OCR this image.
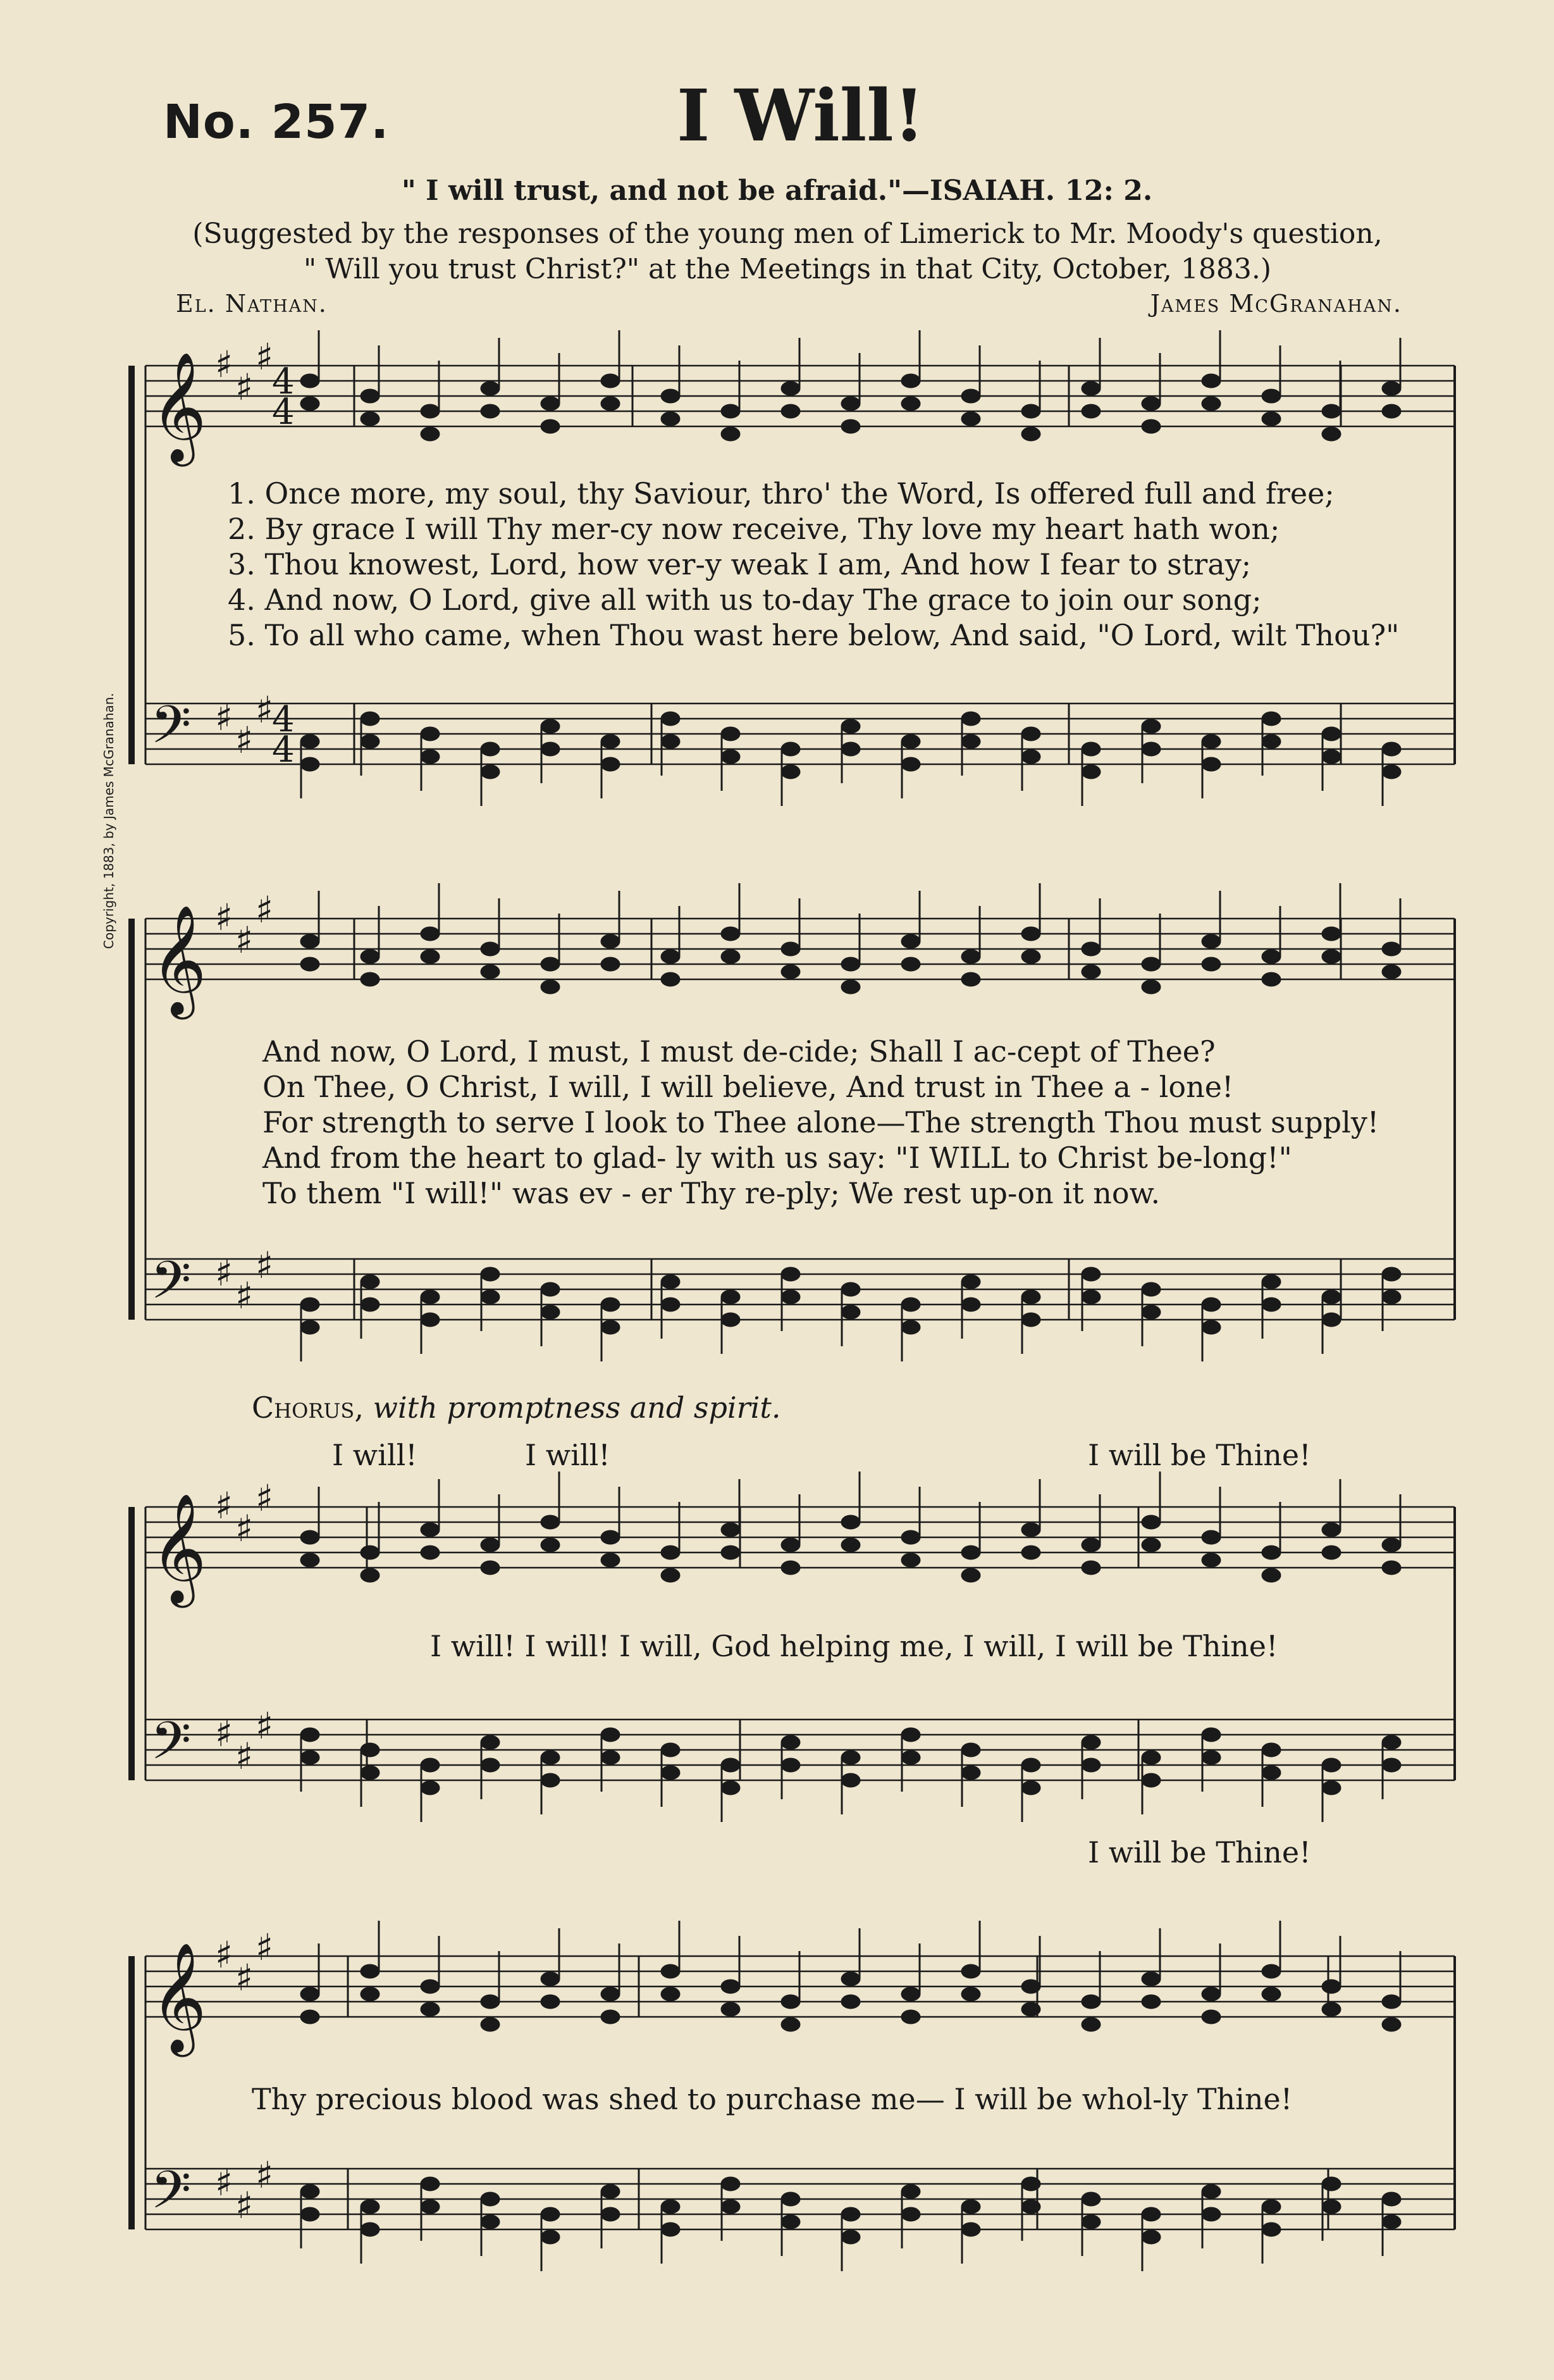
No. 257.	I Will!
" I will trust, and not be afraid."—ISAIAH. 12: 2.
(Suggested by the responses of the young men of Limerick to Mr. Moody's question,
" Will you trust Christ?" at the Meetings in that City, October, 1883.)
El. Nathan.	James McGranahan.
𝄞 ♯
♯
♯
4
4
𝄢 ♯
♯
♯
4
4
𝄞 ♯
♯
♯
𝄢 ♯
♯
♯
𝄞 ♯
♯
♯
𝄢 ♯
♯
♯
𝄞 ♯
♯
♯
𝄢 ♯
♯
♯
1. Once more, my soul, thy Saviour, thro' the Word, Is offered full and free;
2. By grace I will Thy mer-cy now receive, Thy love my heart hath won;
3. Thou knowest, Lord, how ver-y weak I am, And how I fear to stray;
4. And now, O Lord, give all with us to-day The grace to join our song;
5. To all who came, when Thou wast here below, And said, "O Lord, wilt Thou?"
And now, O Lord, I must, I must de-cide; Shall I ac-cept of Thee?
On Thee, O Christ, I will, I will believe, And trust in Thee a - lone!
For strength to serve I look to Thee alone—The strength Thou must supply!
And from the heart to glad- ly with us say: "I WILL to Christ be-long!"
To them "I will!" was ev - er Thy re-ply; We rest up-on it now.
Chorus, with promptness and spirit.
I will!	I will!	I will be Thine!
I will! I will! I will, God helping me, I will, I will be Thine!
I will be Thine!
Thy precious blood was shed to purchase me— I will be whol-ly Thine!
Copyright, 1883, by James McGranahan.
